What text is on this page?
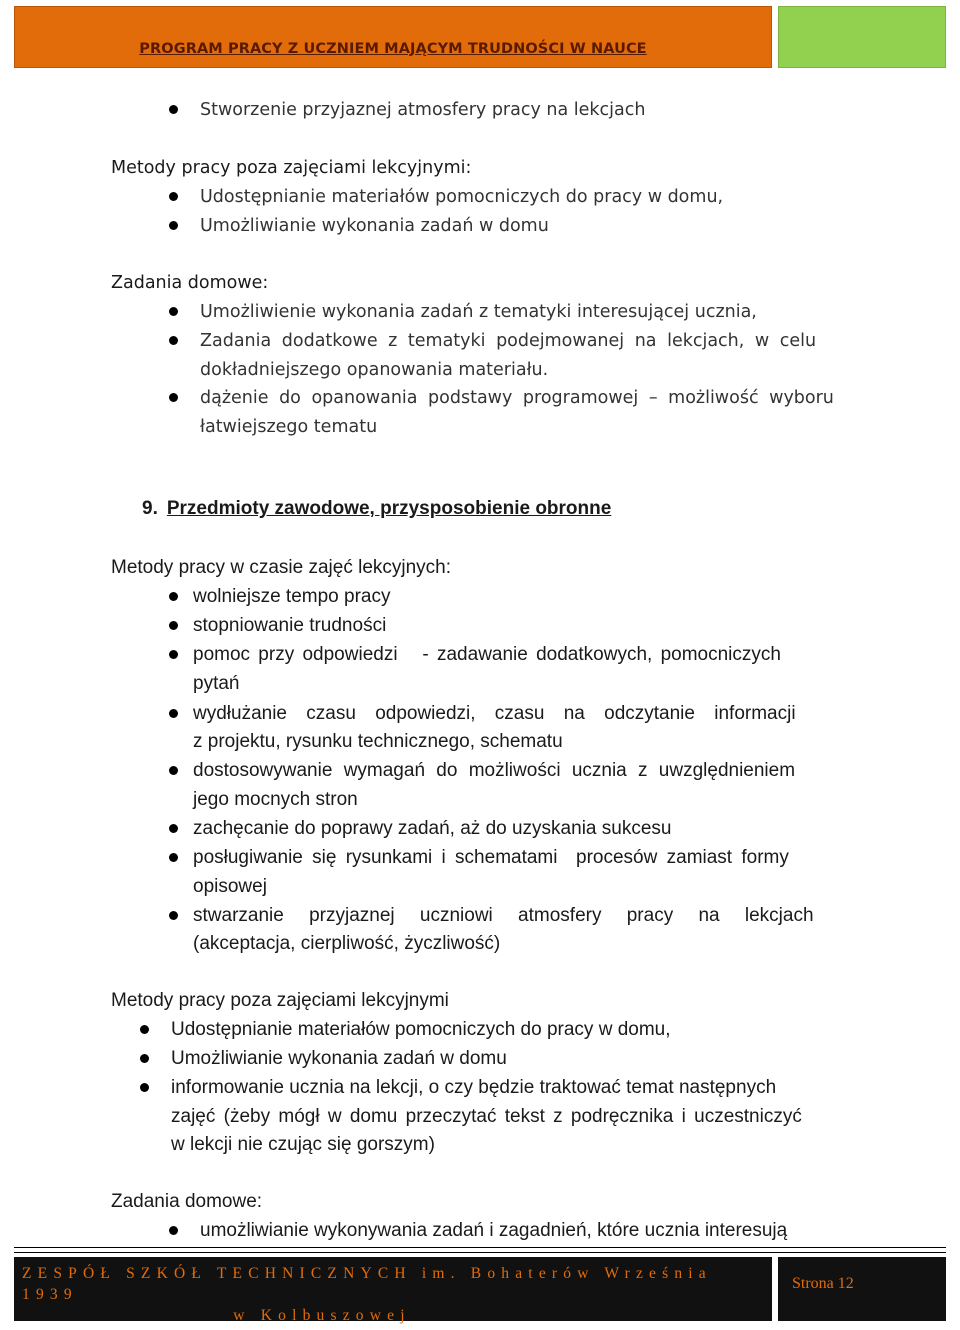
PROGRAM PRACY Z UCZNIEM MAJĄCYM TRUDNOŚCI W NAUCE
Stworzenie przyjaznej atmosfery pracy na lekcjach
Metody pracy poza zajęciami lekcyjnymi:
Udostępnianie materiałów pomocniczych do pracy w domu,
Umożliwianie wykonania zadań w domu
Zadania domowe:
Umożliwienie wykonania zadań z tematyki interesującej ucznia,
Zadania dodatkowe z tematyki podejmowanej na lekcjach, w celu
dokładniejszego opanowania materiału.
dążenie do opanowania podstawy programowej – możliwość wyboru
łatwiejszego tematu
9. Przedmioty zawodowe, przysposobienie obronne
Metody pracy w czasie zajęć lekcyjnych:
wolniejsze tempo pracy
stopniowanie trudności
pomoc przy odpowiedzi   - zadawanie dodatkowych, pomocniczych
pytań
wydłużanie czasu odpowiedzi, czasu na odczytanie informacji
z projektu, rysunku technicznego, schematu
dostosowywanie wymagań do możliwości ucznia z uwzględnieniem
jego mocnych stron
zachęcanie do poprawy zadań, aż do uzyskania sukcesu
posługiwanie się rysunkami i schematami  procesów zamiast formy
opisowej
stwarzanie przyjaznej uczniowi atmosfery pracy na lekcjach
(akceptacja, cierpliwość, życzliwość)
Metody pracy poza zajęciami lekcyjnymi
Udostępnianie materiałów pomocniczych do pracy w domu,
Umożliwianie wykonania zadań w domu
informowanie ucznia na lekcji, o czy będzie traktować temat następnych
zajęć (żeby mógł w domu przeczytać tekst z podręcznika i uczestniczyć
w lekcji nie czując się gorszym)
Zadania domowe:
umożliwianie wykonywania zadań i zagadnień, które ucznia interesują
ZESPÓŁ SZKÓŁ TECHNICZNYCH im. Bohaterów Września 1939
w Kolbuszowej
Strona 12
